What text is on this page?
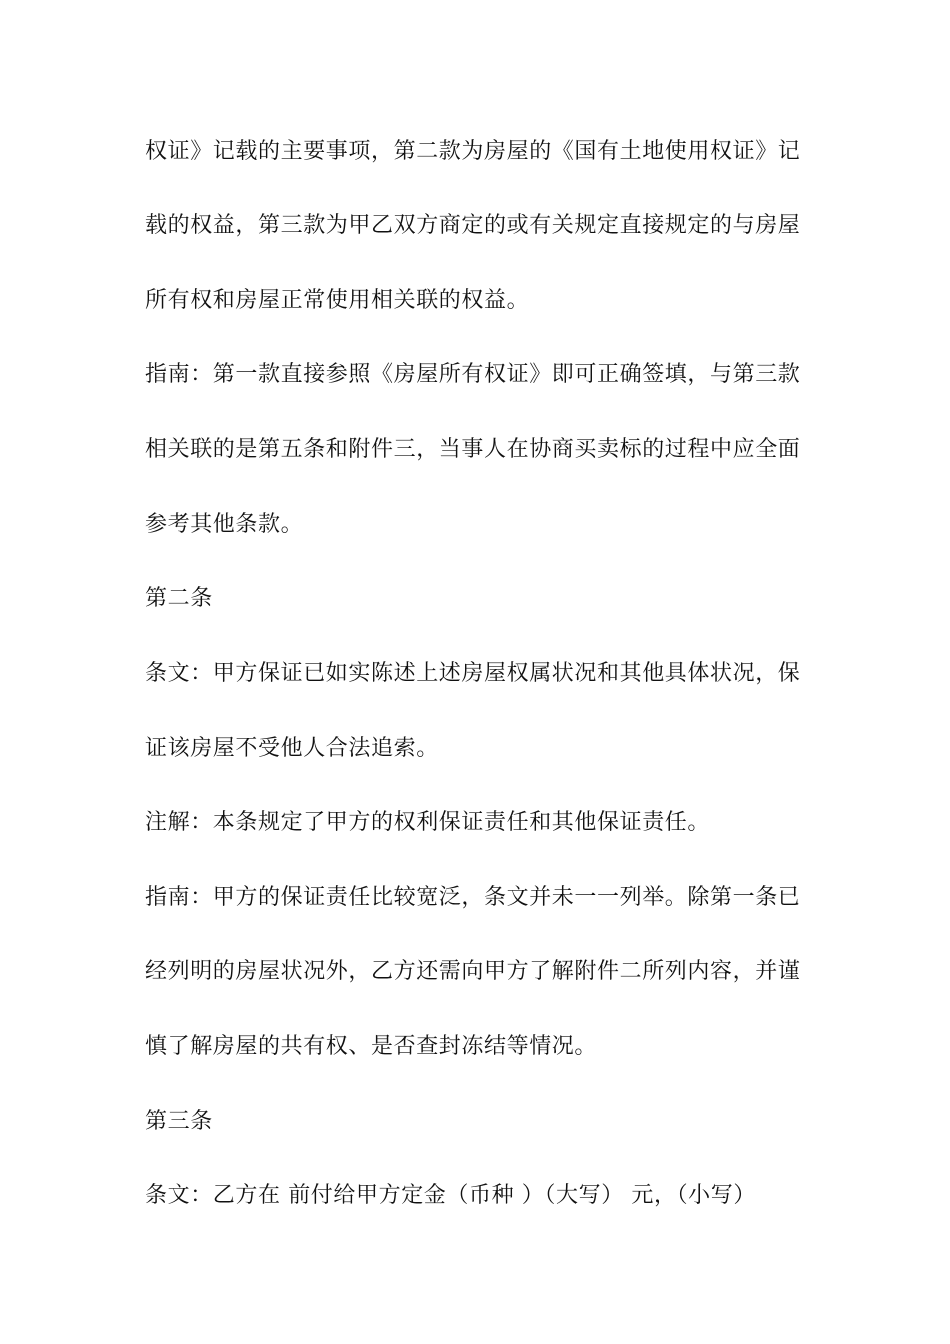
权证》记载的主要事项，第二款为房屋的《国有土地使用权证》记

载的权益，第三款为甲乙双方商定的或有关规定直接规定的与房屋

所有权和房屋正常使用相关联的权益。

指南：第一款直接参照《房屋所有权证》即可正确签填，与第三款

相关联的是第五条和附件三，当事人在协商买卖标的过程中应全面

参考其他条款。

第二条

条文：甲方保证已如实陈述上述房屋权属状况和其他具体状况，保

证该房屋不受他人合法追索。

注解：本条规定了甲方的权利保证责任和其他保证责任。

指南：甲方的保证责任比较宽泛，条文并未一一列举。除第一条已

经列明的房屋状况外，乙方还需向甲方了解附件二所列内容，并谨

慎了解房屋的共有权、是否查封冻结等情况。

第三条

条文：乙方在 前付给甲方定金（币种 ）（大写） 元，（小写）
